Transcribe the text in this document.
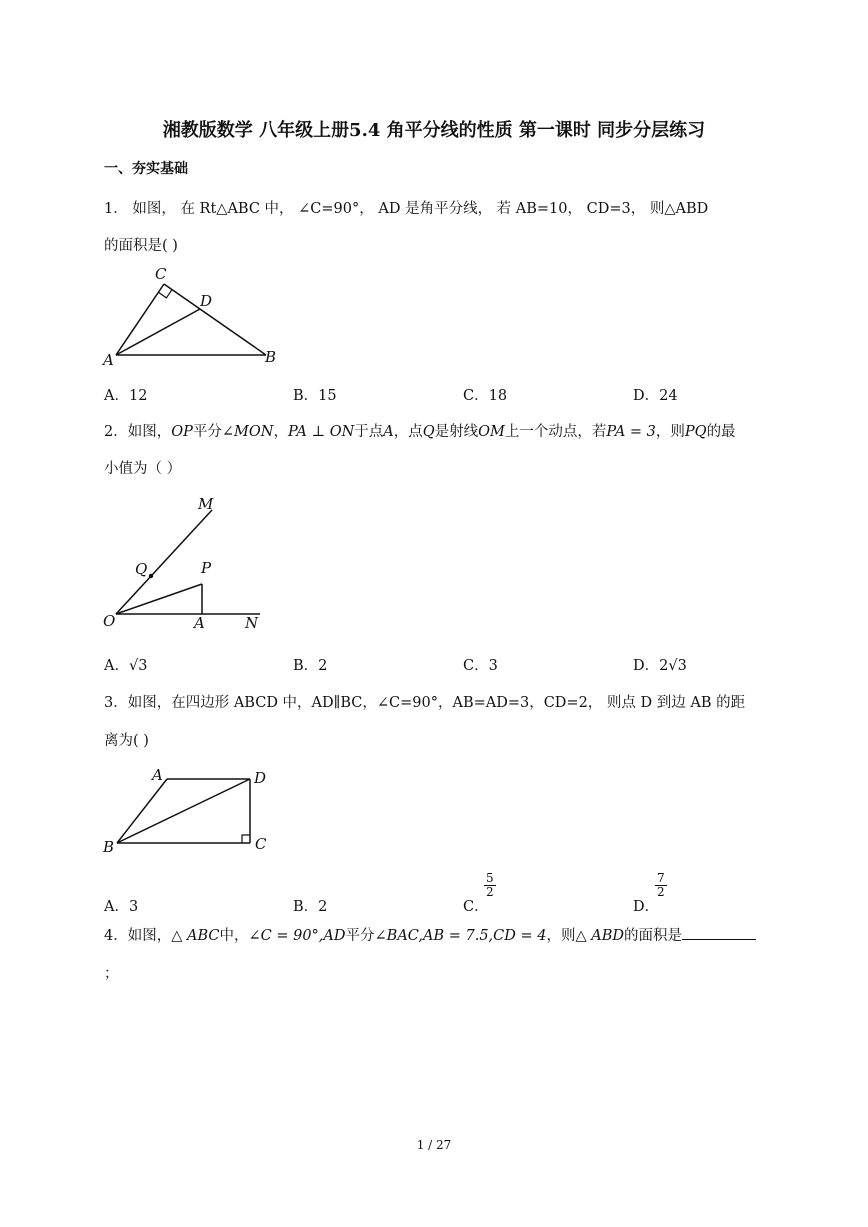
湘教版数学 八年级上册5.4 角平分线的性质 第一课时 同步分层练习
一、夯实基础
1． 如图， 在 Rt△ABC 中， ∠C=90°， AD 是角平分线， 若 AB=10， CD=3， 则△ABD
的面积是( )
C
D
A	B
A．12	B．15	C．18	D．24
2．如图，OP平分∠MON，PA ⊥ ON于点A，点Q是射线OM上一个动点，若PA = 3，则PQ的最
小值为（ ）
M
Q	P
O	A	N
A．√3	B．2	C．3	D．2√3
3．如图，在四边形 ABCD 中，AD∥BC，∠C=90°，AB=AD=3，CD=2， 则点 D 到边 AB 的距
离为( )
A	D
B	C
A．3	B．2	C．
$\frac{5}{2}$
D．
$\frac{7}{2}$
4．如图，△ ABC中，∠C = 90°,AD平分∠BAC,AB = 7.5,CD = 4，则△ ABD的面积是
；
1 / 27
